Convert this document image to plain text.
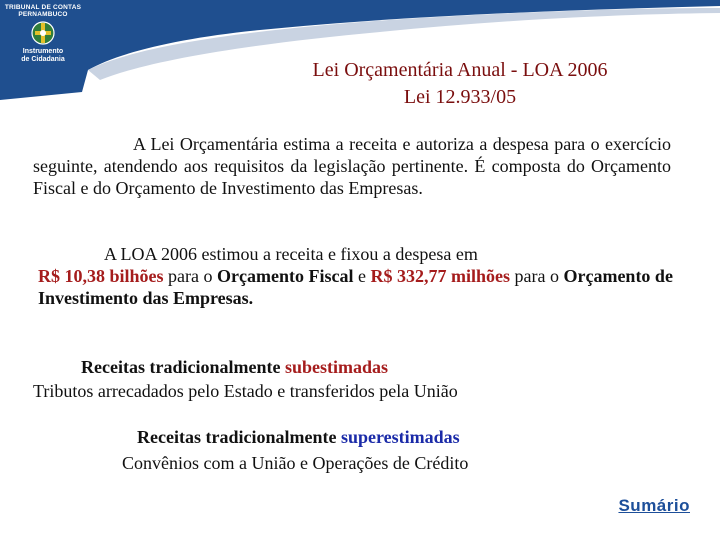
TRIBUNAL DE CONTAS
PERNAMBUCO
Instrumento
de Cidadania	Lei Orçamentária Anual - LOA 2006
Lei 12.933/05

A Lei Orçamentária estima a receita e autoriza a despesa para o exercício seguinte, atendendo aos requisitos da legislação pertinente. É composta do Orçamento Fiscal e do Orçamento de Investimento das Empresas.

A LOA 2006 estimou a receita e fixou a despesa em
R$ 10,38 bilhões para o Orçamento Fiscal e R$ 332,77 milhões para o Orçamento de Investimento das Empresas.

Receitas tradicionalmente subestimadas
Tributos arrecadados pelo Estado e transferidos pela União
Receitas tradicionalmente superestimadas
Convênios com a União e Operações de Crédito
Sumário
